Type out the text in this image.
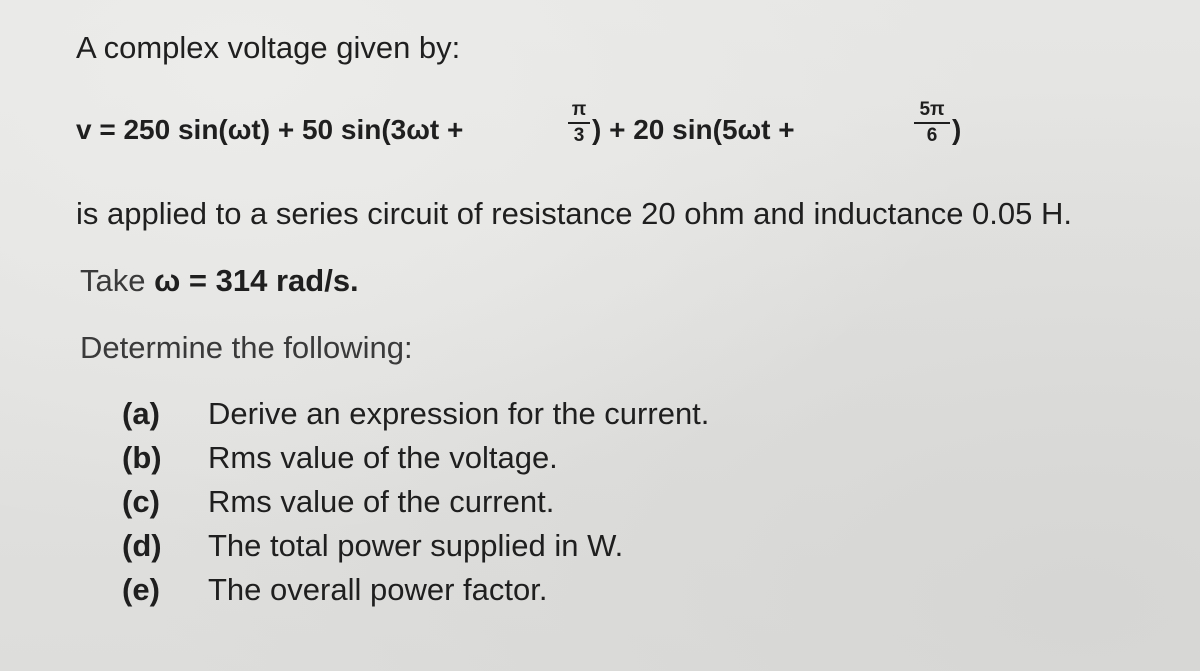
A complex voltage given by:
v = 250 sin(ωt) + 50 sin(3ωt +
π
3 ) + 20 sin(5ωt +
5π
6 )
is applied to a series circuit of resistance 20 ohm and inductance 0.05 H.
Take ω = 314 rad/s.
Determine the following:
(a) Derive an expression for the current.
(b) Rms value of the voltage.
(c) Rms value of the current.
(d) The total power supplied in W.
(e) The overall power factor.
